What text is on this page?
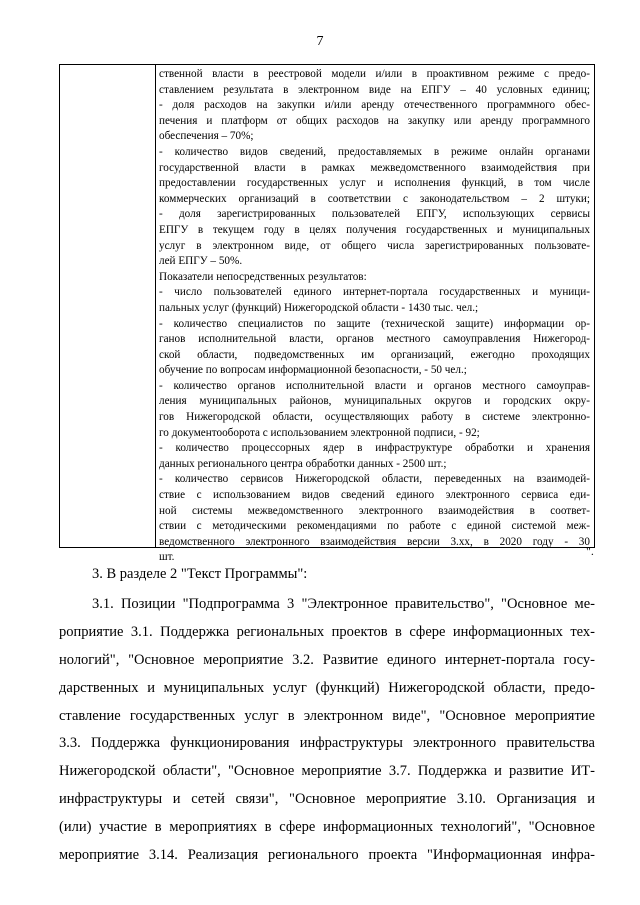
7
ственной власти в реестровой модели и/или в проактивном режиме с предо-
ставлением результата в электронном виде на ЕПГУ – 40 условных единиц;
- доля расходов на закупки и/или аренду отечественного программного обес-
печения и платформ от общих расходов на закупку или аренду программного
обеспечения – 70%;
- количество видов сведений, предоставляемых в режиме онлайн органами
государственной власти в рамках межведомственного взаимодействия при
предоставлении государственных услуг и исполнения функций, в том числе
коммерческих организаций в соответствии с законодательством – 2 штуки;
- доля зарегистрированных пользователей ЕПГУ, использующих сервисы
ЕПГУ в текущем году в целях получения государственных и муниципальных
услуг в электронном виде, от общего числа зарегистрированных пользовате-
лей ЕПГУ – 50%.
Показатели непосредственных результатов:
- число пользователей единого интернет-портала государственных и муници-
пальных услуг (функций) Нижегородской области - 1430 тыс. чел.;
- количество специалистов по защите (технической защите) информации ор-
ганов исполнительной власти, органов местного самоуправления Нижегород-
ской области, подведомственных им организаций, ежегодно проходящих
обучение по вопросам информационной безопасности, - 50 чел.;
- количество органов исполнительной власти и органов местного самоуправ-
ления муниципальных районов, муниципальных округов и городских окру-
гов Нижегородской области, осуществляющих работу в системе электронно-
го документооборота с использованием электронной подписи, - 92;
- количество процессорных ядер в инфраструктуре обработки и хранения
данных регионального центра обработки данных - 2500 шт.;
- количество сервисов Нижегородской области, переведенных на взаимодей-
ствие с использованием видов сведений единого электронного сервиса еди-
ной системы межведомственного электронного взаимодействия в соответ-
ствии с методическими рекомендациями по работе с единой системой меж-
ведомственного электронного взаимодействия версии 3.хх, в 2020 году - 30
шт.	".
3. В разделе 2 "Текст Программы":
3.1. Позиции "Подпрограмма 3 "Электронное правительство", "Основное ме-
роприятие 3.1. Поддержка региональных проектов в сфере информационных тех-
нологий", "Основное мероприятие 3.2. Развитие единого интернет-портала госу-
дарственных и муниципальных услуг (функций) Нижегородской области, предо-
ставление государственных услуг в электронном виде", "Основное мероприятие
3.3. Поддержка функционирования инфраструктуры электронного правительства
Нижегородской области", "Основное мероприятие 3.7. Поддержка и развитие ИТ-
инфраструктуры и сетей связи", "Основное мероприятие 3.10. Организация и
(или) участие в мероприятиях в сфере информационных технологий", "Основное
мероприятие 3.14. Реализация регионального проекта "Информационная инфра-
